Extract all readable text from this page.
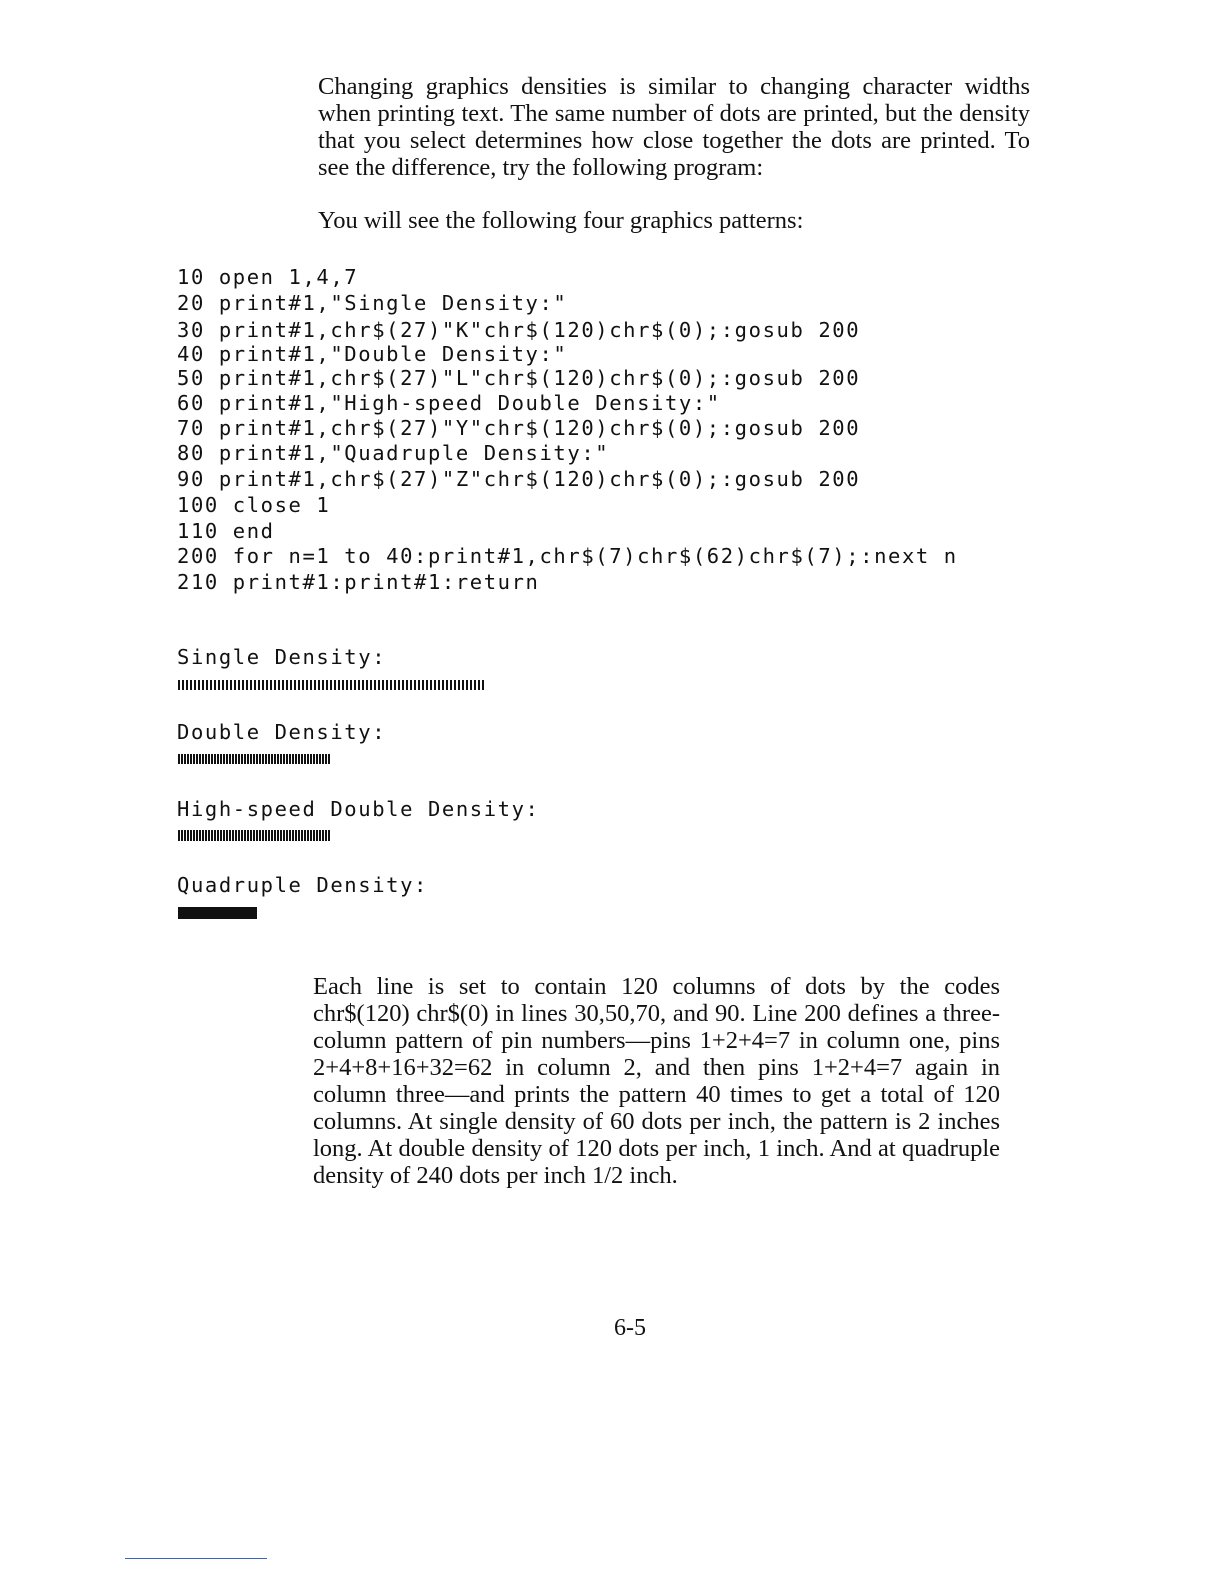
Changing graphics densities is similar to changing character widths when printing text. The same number of dots are printed, but the density that you select determines how close together the dots are printed. To see the difference, try the following program:

You will see the following four graphics patterns:

10 open 1,4,7
20 print#1,"Single Density:"
30 print#1,chr$(27)"K"chr$(120)chr$(0);:gosub 200
40 print#1,"Double Density:"
50 print#1,chr$(27)"L"chr$(120)chr$(0);:gosub 200
60 print#1,"High-speed Double Density:"
70 print#1,chr$(27)"Y"chr$(120)chr$(0);:gosub 200
80 print#1,"Quadruple Density:"
90 print#1,chr$(27)"Z"chr$(120)chr$(0);:gosub 200
100 close 1
110 end
200 for n=1 to 40:print#1,chr$(7)chr$(62)chr$(7);:next n
210 print#1:print#1:return
Single Density:
Double Density:
High-speed Double Density:
Quadruple Density:

Each line is set to contain 120 columns of dots by the codes chr$(120) chr$(0) in lines 30,50,70, and 90. Line 200 defines a three-column pattern of pin numbers—pins 1+2+4=7 in column one, pins 2+4+8+16+32=62 in column 2, and then pins 1+2+4=7 again in column three—and prints the pattern 40 times to get a total of 120 columns. At single density of 60 dots per inch, the pattern is 2 inches long. At double density of 120 dots per inch, 1 inch. And at quadruple density of 240 dots per inch 1/2 inch.

6-5
